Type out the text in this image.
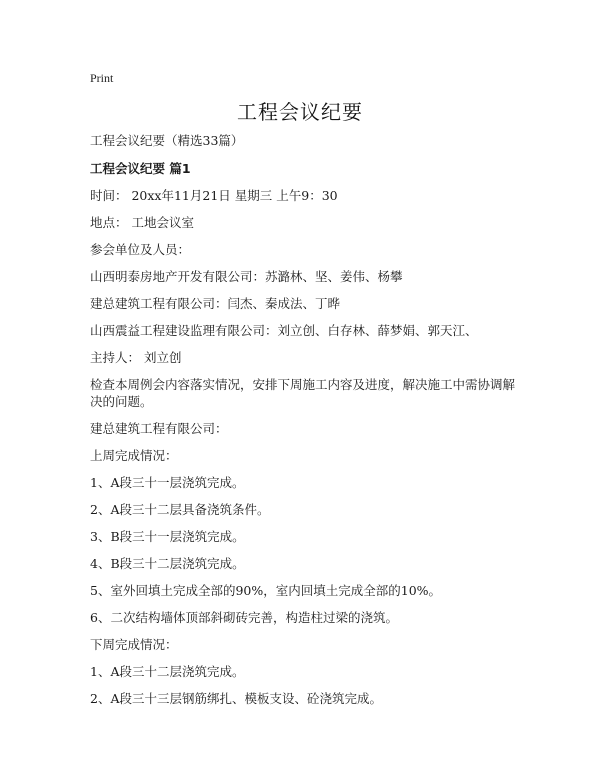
Print
工程会议纪要
工程会议纪要（精选33篇）
工程会议纪要 篇1
时间： 20xx年11月21日 星期三 上午9：30
地点： 工地会议室
参会单位及人员：
山西明泰房地产开发有限公司：苏潞林、坚、姜伟、杨攀
建总建筑工程有限公司：闫杰、秦成法、丁晔
山西震益工程建设监理有限公司：刘立创、白存林、薛梦娟、郭天江、
主持人： 刘立创
检查本周例会内容落实情况，安排下周施工内容及进度，解决施工中需协调解决的问题。
建总建筑工程有限公司：
上周完成情况：
1、A段三十一层浇筑完成。
2、A段三十二层具备浇筑条件。
3、B段三十一层浇筑完成。
4、B段三十二层浇筑完成。
5、室外回填土完成全部的90%，室内回填土完成全部的10%。
6、二次结构墙体顶部斜砌砖完善，构造柱过梁的浇筑。
下周完成情况：
1、A段三十二层浇筑完成。
2、A段三十三层钢筋绑扎、模板支设、砼浇筑完成。
